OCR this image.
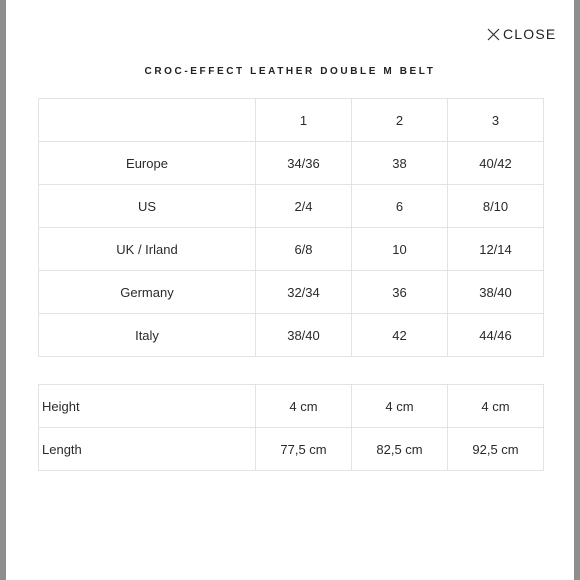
CLOSE
CROC-EFFECT LEATHER DOUBLE M BELT
	1	2	3
Europe	34/36	38	40/42
US	2/4	6	8/10
UK / Irland	6/8	10	12/14
Germany	32/34	36	38/40
Italy	38/40	42	44/46
Height	4 cm	4 cm	4 cm
Length	77,5 cm	82,5 cm	92,5 cm
